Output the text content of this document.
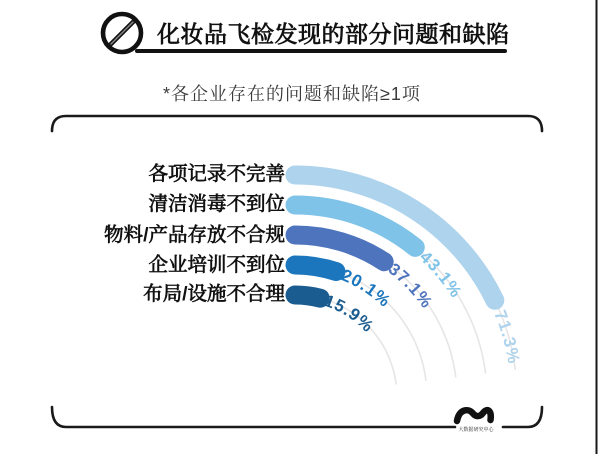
化妆品飞检发现的部分问题和缺陷
*各企业存在的问题和缺陷≥1项
各项记录不完善
清洁消毒不到位
物料/产品存放不合规
企业培训不到位
布局/设施不合理
71.3%
43.1%
37.1%
20.1%
15.9%
大数据研究中心
